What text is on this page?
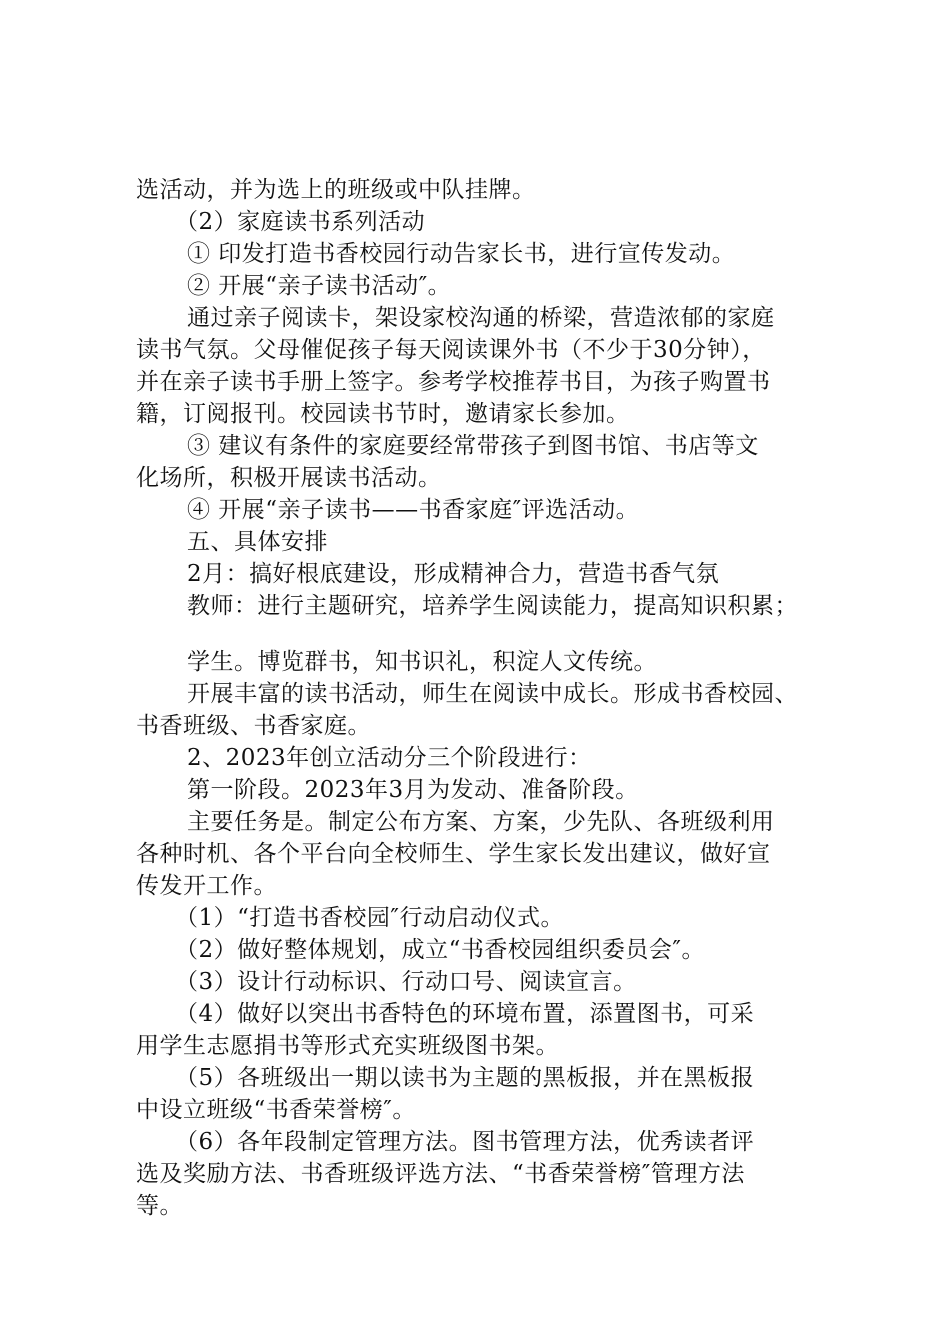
选活动，并为选上的班级或中队挂牌。
（2）家庭读书系列活动
① 印发打造书香校园行动告家长书，进行宣传发动。
② 开展“亲子读书活动″。
通过亲子阅读卡，架设家校沟通的桥梁，营造浓郁的家庭
读书气氛。父母催促孩子每天阅读课外书（不少于30分钟），
并在亲子读书手册上签字。参考学校推荐书目，为孩子购置书
籍，订阅报刊。校园读书节时，邀请家长参加。
③ 建议有条件的家庭要经常带孩子到图书馆、书店等文
化场所，积极开展读书活动。
④ 开展“亲子读书——书香家庭″评选活动。
五、具体安排
2月：搞好根底建设，形成精神合力，营造书香气氛
教师：进行主题研究，培养学生阅读能力，提高知识积累；
学生。博览群书，知书识礼，积淀人文传统。
开展丰富的读书活动，师生在阅读中成长。形成书香校园、
书香班级、书香家庭。
2、2023年创立活动分三个阶段进行：
第一阶段。2023年3月为发动、准备阶段。
主要任务是。制定公布方案、方案，少先队、各班级利用
各种时机、各个平台向全校师生、学生家长发出建议，做好宣
传发开工作。
（1）“打造书香校园″行动启动仪式。
（2）做好整体规划，成立“书香校园组织委员会″。
（3）设计行动标识、行动口号、阅读宣言。
（4）做好以突出书香特色的环境布置，添置图书，可采
用学生志愿捐书等形式充实班级图书架。
（5）各班级出一期以读书为主题的黑板报，并在黑板报
中设立班级“书香荣誉榜″。
（6）各年段制定管理方法。图书管理方法，优秀读者评
选及奖励方法、书香班级评选方法、“书香荣誉榜″管理方法
等。
